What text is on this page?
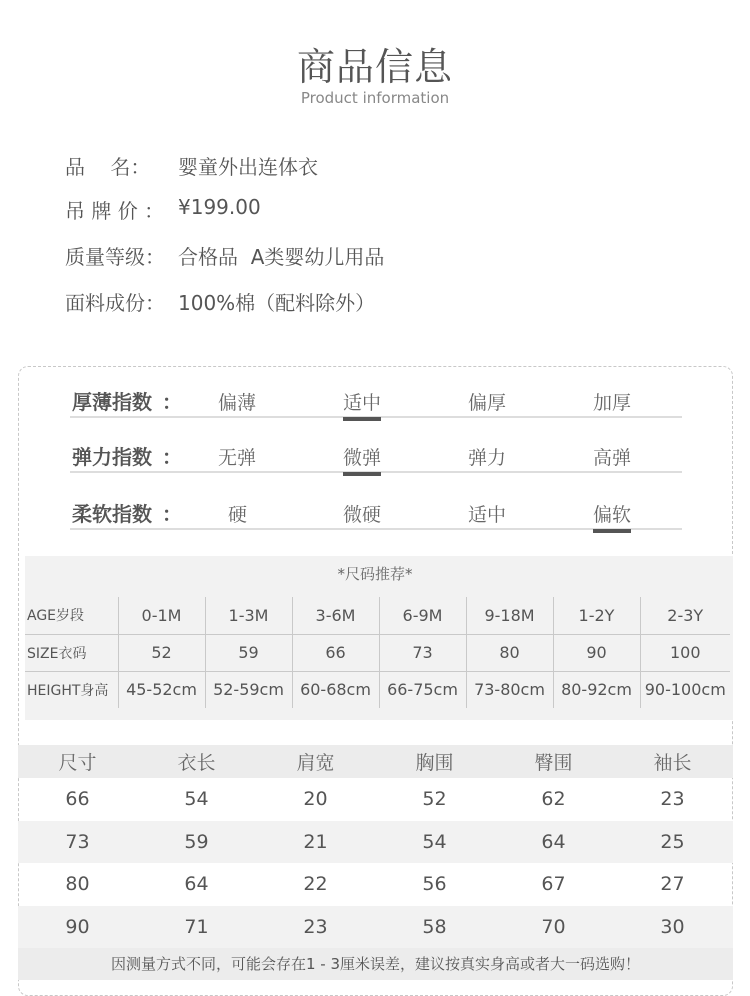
商品信息
Product information
品    名：	婴童外出连体衣
吊 牌 价 ： ¥199.00
质量等级： 合格品  A类婴幼儿用品
面料成份： 100%棉（配料除外）
厚薄指数 ： 偏薄	适中	偏厚	加厚
弹力指数 ： 无弹	微弹	弹力	高弹
柔软指数 ： 硬	微硬	适中	偏软
*尺码推荐*
AGE岁段	0-1M	1-3M	3-6M	6-9M	9-18M	1-2Y	2-3Y
SIZE衣码	52	59	66	73	80	90	100
HEIGHT身高	45-52cm	52-59cm	60-68cm	66-75cm	73-80cm	80-92cm	90-100cm
尺寸	衣长	肩宽	胸围	臀围	袖长
66	54	20	52	62	23
73	59	21	54	64	25
80	64	22	56	67	27
90	71	23	58	70	30
因测量方式不同，可能会存在1 - 3厘米误差，建议按真实身高或者大一码选购！
